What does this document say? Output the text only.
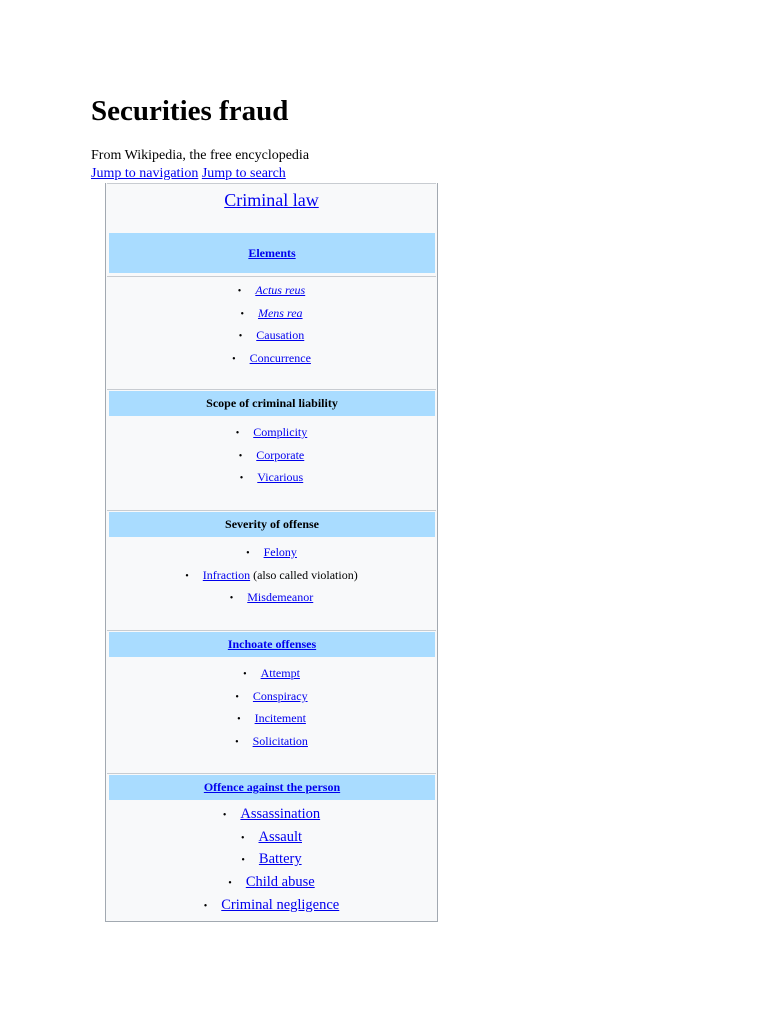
Securities fraud
From Wikipedia, the free encyclopedia
Jump to navigation Jump to search
Criminal law
Elements
• Actus reus
• Mens rea
• Causation
• Concurrence
Scope of criminal liability
• Complicity
• Corporate
• Vicarious
Severity of offense
• Felony
• Infraction (also called violation)
• Misdemeanor
Inchoate offenses
• Attempt
• Conspiracy
• Incitement
• Solicitation
Offence against the person
• Assassination
• Assault
• Battery
• Child abuse
• Criminal negligence
